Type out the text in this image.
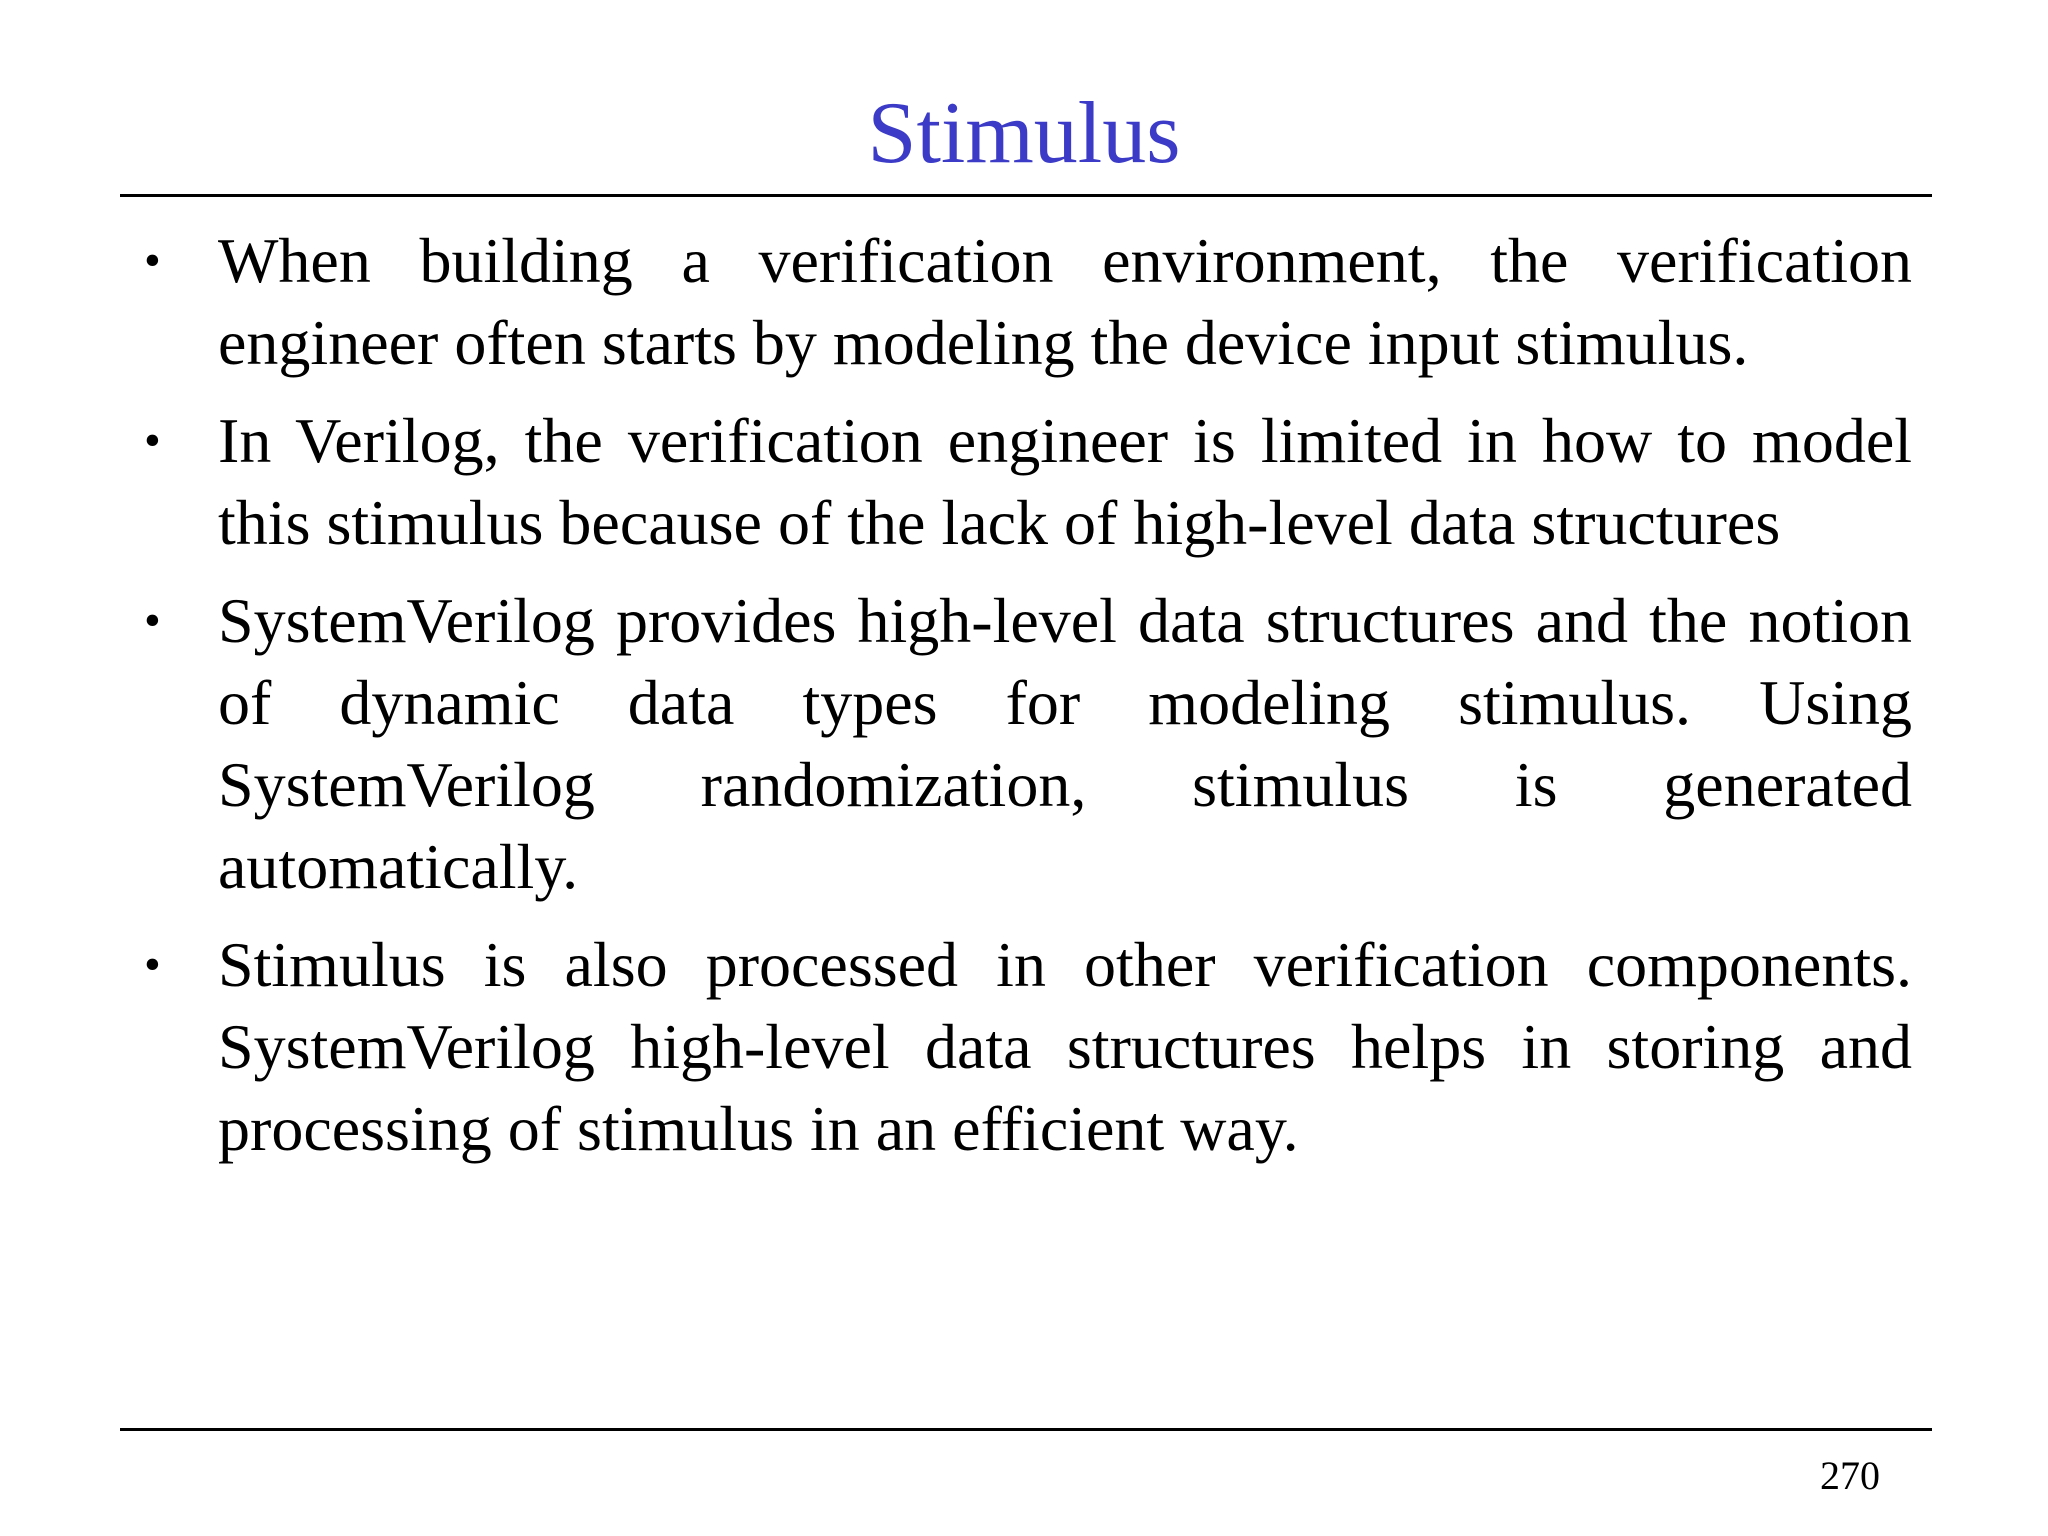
Stimulus
• When building a verification environment, the verification engineer often starts by modeling the device input stimulus.
• In Verilog, the verification engineer is limited in how to model this stimulus because of the lack of high-level data structures
• SystemVerilog provides high-level data structures and the notion of dynamic data types for modeling stimulus. Using SystemVerilog randomization, stimulus is generated automatically.
• Stimulus is also processed in other verification components. SystemVerilog high-level data structures helps in storing and processing of stimulus in an efficient way.
270
